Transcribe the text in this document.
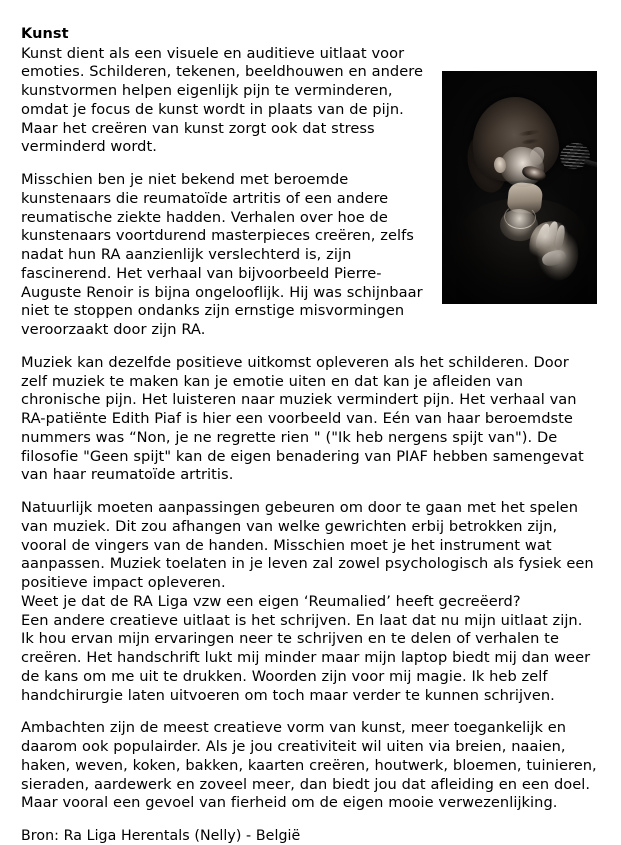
Kunst

Kunst dient als een visuele en auditieve uitlaat voor emoties. Schilderen, tekenen, beeldhouwen en andere kunstvormen helpen eigenlijk pijn te verminderen, omdat je focus de kunst wordt in plaats van de pijn. Maar het creëren van kunst zorgt ook dat stress verminderd wordt.

Misschien ben je niet bekend met beroemde kunstenaars die reumatoïde artritis of een andere reumatische ziekte hadden. Verhalen over hoe de kunstenaars voortdurend masterpieces creëren, zelfs nadat hun RA aanzienlijk verslechterd is, zijn fascinerend. Het verhaal van bijvoorbeeld Pierre-Auguste Renoir is bijna ongelooflijk. Hij was schijnbaar niet te stoppen ondanks zijn ernstige misvormingen veroorzaakt door zijn RA.

Muziek kan dezelfde positieve uitkomst opleveren als het schilderen. Door zelf muziek te maken kan je emotie uiten en dat kan je afleiden van chronische pijn. Het luisteren naar muziek vermindert pijn. Het verhaal van RA-patiënte Edith Piaf is hier een voorbeeld van. Eén van haar beroemdste nummers was “Non, je ne regrette rien " ("Ik heb nergens spijt van"). De filosofie "Geen spijt" kan de eigen benadering van PIAF hebben samengevat van haar reumatoïde artritis.

Natuurlijk moeten aanpassingen gebeuren om door te gaan met het spelen van muziek. Dit zou afhangen van welke gewrichten erbij betrokken zijn, vooral de vingers van de handen. Misschien moet je het instrument wat aanpassen. Muziek toelaten in je leven zal zowel psychologisch als fysiek een positieve impact opleveren.

Weet je dat de RA Liga vzw een eigen ‘Reumalied’ heeft gecreëerd?

Een andere creatieve uitlaat is het schrijven. En laat dat nu mijn uitlaat zijn. Ik hou ervan mijn ervaringen neer te schrijven en te delen of verhalen te creëren. Het handschrift lukt mij minder maar mijn laptop biedt mij dan weer de kans om me uit te drukken. Woorden zijn voor mij magie. Ik heb zelf handchirurgie laten uitvoeren om toch maar verder te kunnen schrijven.

Ambachten zijn de meest creatieve vorm van kunst, meer toegankelijk en daarom ook populairder. Als je jou creativiteit wil uiten via breien, naaien, haken, weven, koken, bakken, kaarten creëren, houtwerk, bloemen, tuinieren, sieraden, aardewerk en zoveel meer, dan biedt jou dat afleiding en een doel. Maar vooral een gevoel van fierheid om de eigen mooie verwezenlijking.

Bron: Ra Liga Herentals (Nelly) - België
